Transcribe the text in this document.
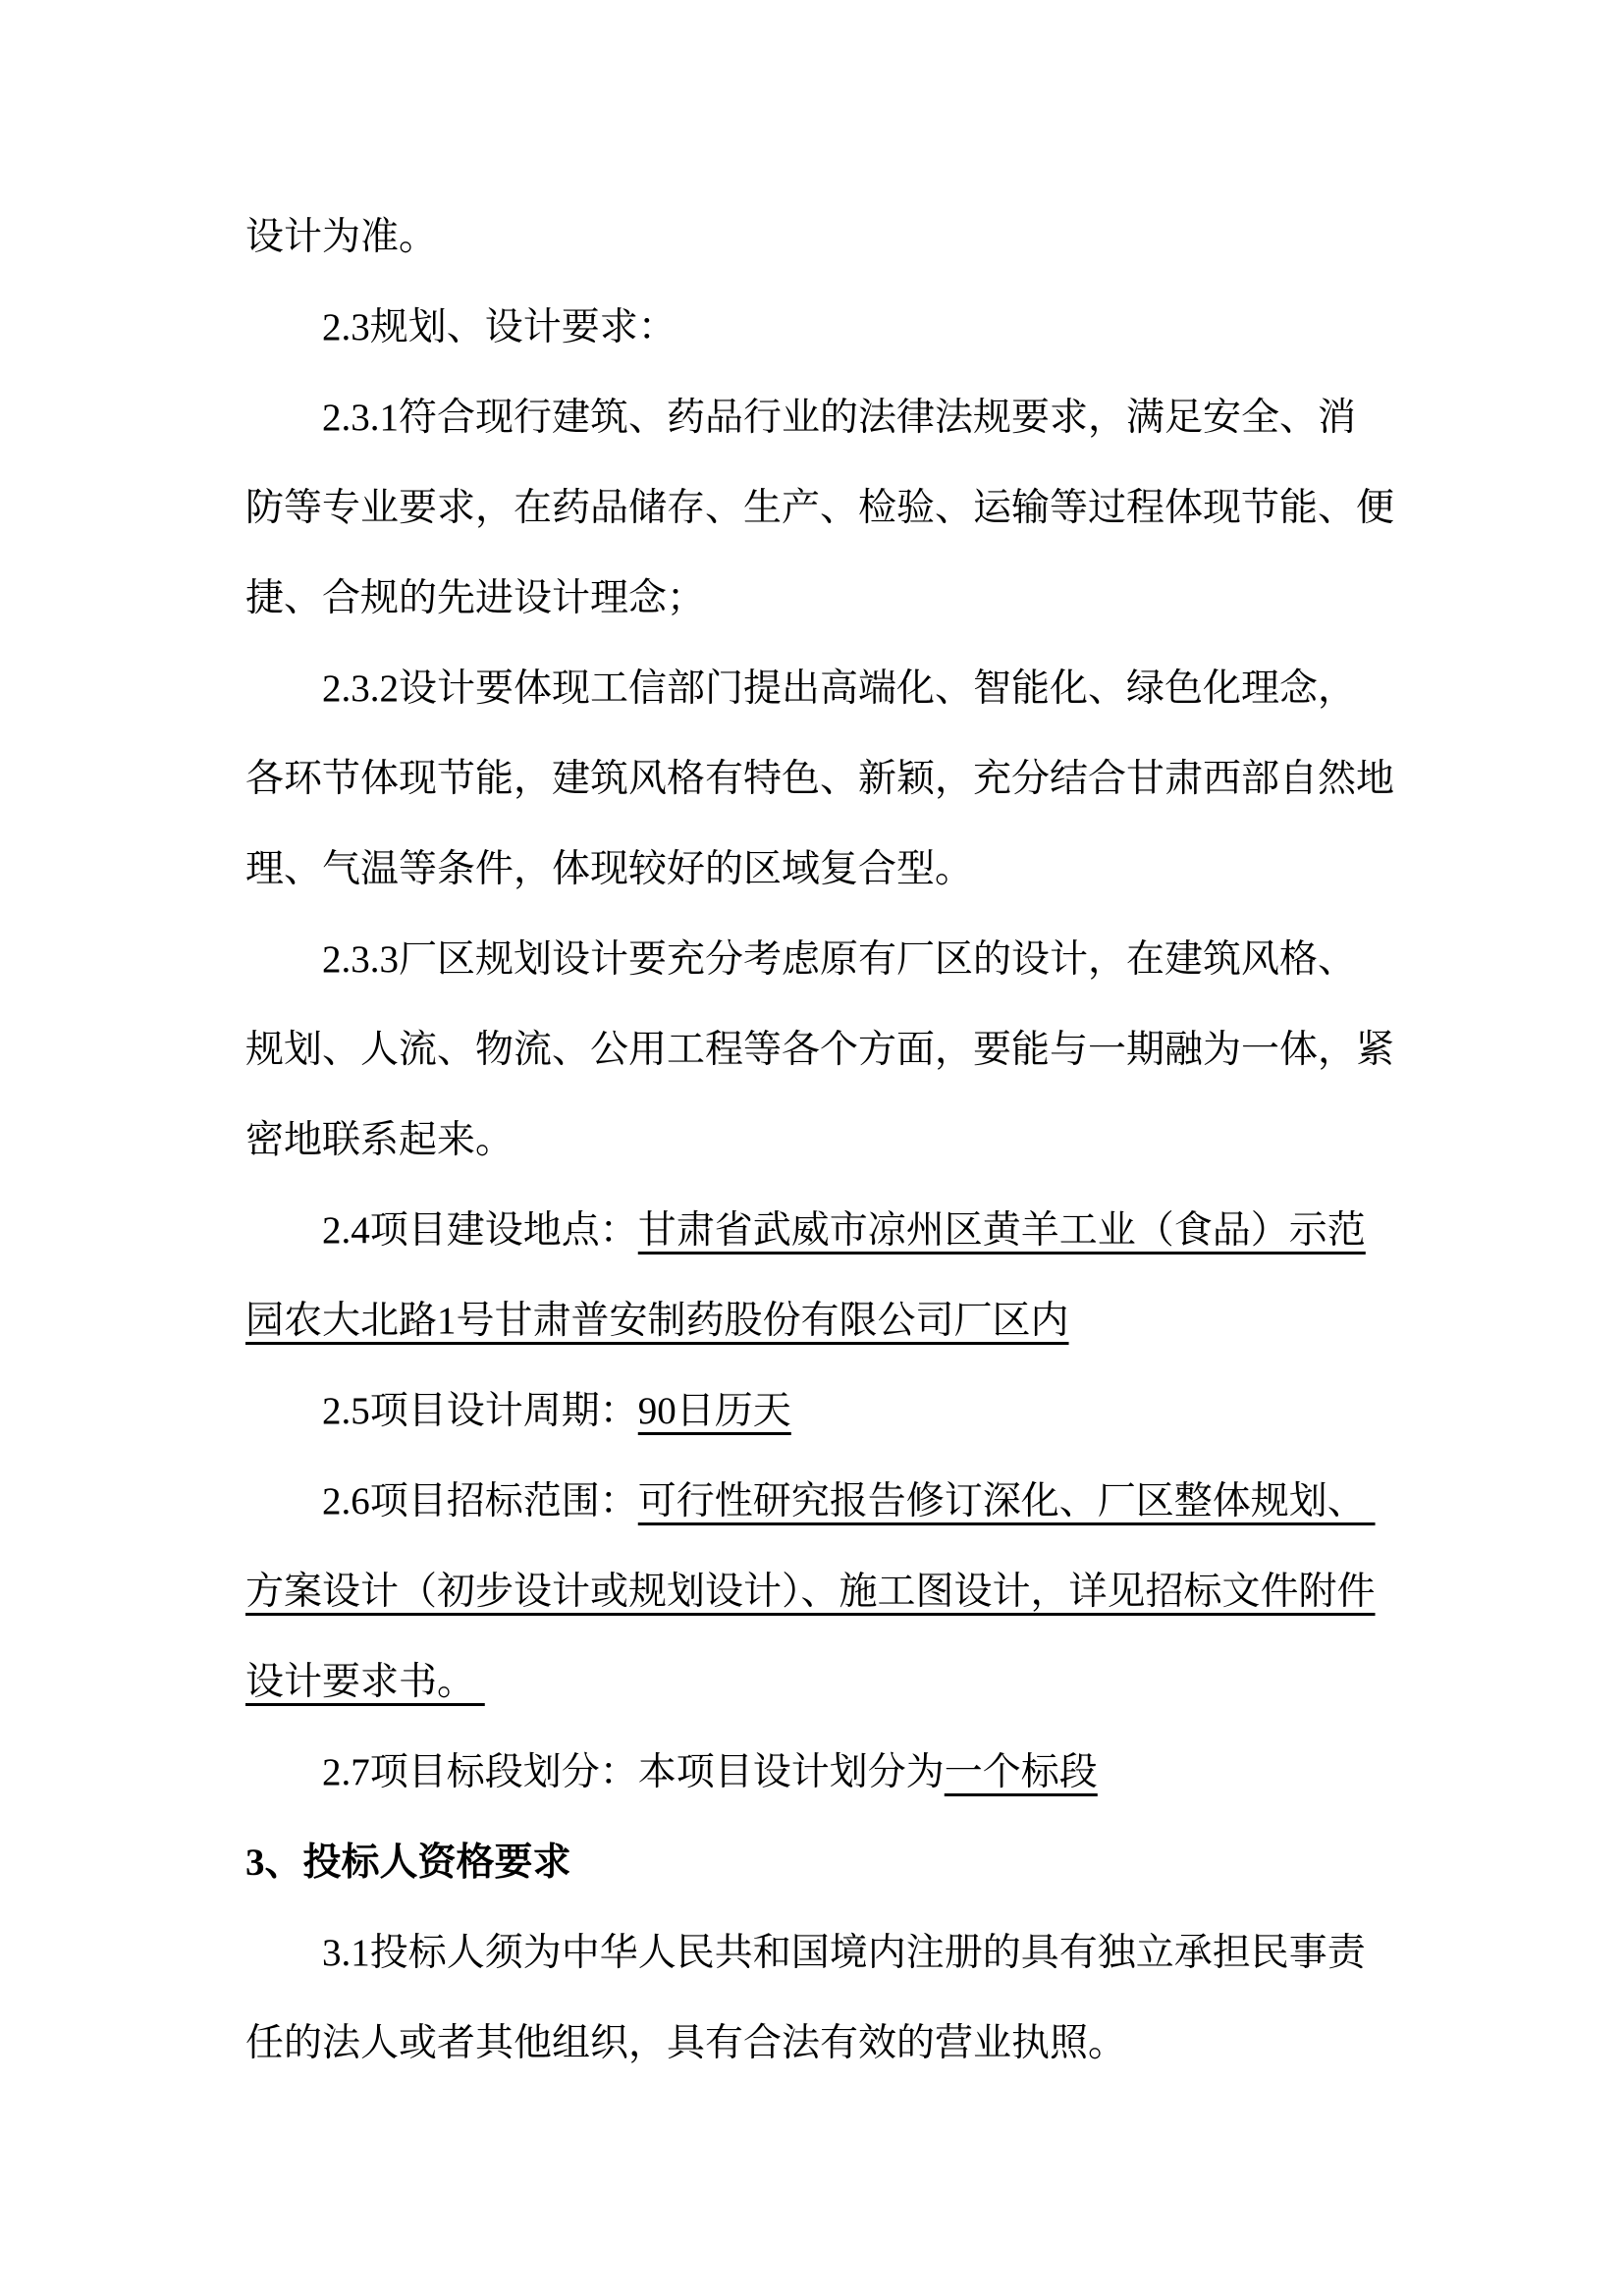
设计为准。
2.3规划、设计要求：
2.3.1符合现行建筑、药品行业的法律法规要求，满足安全、消
防等专业要求，在药品储存、生产、检验、运输等过程体现节能、便
捷、合规的先进设计理念；
2.3.2设计要体现工信部门提出高端化、智能化、绿色化理念，
各环节体现节能，建筑风格有特色、新颖，充分结合甘肃西部自然地
理、气温等条件，体现较好的区域复合型。
2.3.3厂区规划设计要充分考虑原有厂区的设计，在建筑风格、
规划、人流、物流、公用工程等各个方面，要能与一期融为一体，紧
密地联系起来。
2.4项目建设地点：甘肃省武威市凉州区黄羊工业（食品）示范
园农大北路1号甘肃普安制药股份有限公司厂区内
2.5项目设计周期：90日历天
2.6项目招标范围：可行性研究报告修订深化、厂区整体规划、
方案设计（初步设计或规划设计）、施工图设计，详见招标文件附件
设计要求书。
2.7项目标段划分：本项目设计划分为一个标段
3、投标人资格要求
3.1投标人须为中华人民共和国境内注册的具有独立承担民事责
任的法人或者其他组织，具有合法有效的营业执照。
